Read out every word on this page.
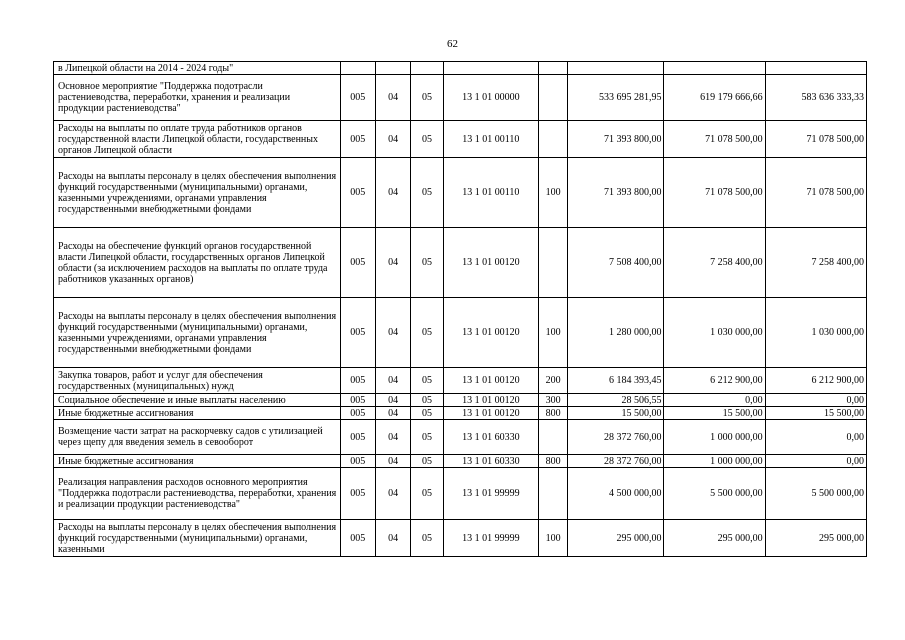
62
в Липецкой области на 2014 - 2024 годы"								
Основное мероприятие "Поддержка подотрасли растениеводства, переработки, хранения и реализации продукции растениеводства"	005	04	05	13 1 01 00000		533 695 281,95	619 179 666,66	583 636 333,33
Расходы на выплаты по оплате труда работников органов государственной власти Липецкой области, государственных органов Липецкой области	005	04	05	13 1 01 00110		71 393 800,00	71 078 500,00	71 078 500,00
Расходы на выплаты персоналу в целях обеспечения выполнения функций государственными (муниципальными) органами, казенными учреждениями, органами управления государственными внебюджетными фондами	005	04	05	13 1 01 00110	100	71 393 800,00	71 078 500,00	71 078 500,00
Расходы на обеспечение функций органов государственной власти Липецкой области, государственных органов Липецкой области (за исключением расходов на выплаты по оплате труда работников указанных органов)	005	04	05	13 1 01 00120		7 508 400,00	7 258 400,00	7 258 400,00
Расходы на выплаты персоналу в целях обеспечения выполнения функций государственными (муниципальными) органами, казенными учреждениями, органами управления государственными внебюджетными фондами	005	04	05	13 1 01 00120	100	1 280 000,00	1 030 000,00	1 030 000,00
Закупка товаров, работ и услуг для обеспечения государственных (муниципальных) нужд	005	04	05	13 1 01 00120	200	6 184 393,45	6 212 900,00	6 212 900,00
Социальное обеспечение и иные выплаты населению	005	04	05	13 1 01 00120	300	28 506,55	0,00	0,00
Иные бюджетные ассигнования	005	04	05	13 1 01 00120	800	15 500,00	15 500,00	15 500,00
Возмещение части затрат на раскорчевку садов с утилизацией через щепу для введения земель в севооборот	005	04	05	13 1 01 60330		28 372 760,00	1 000 000,00	0,00
Иные бюджетные ассигнования	005	04	05	13 1 01 60330	800	28 372 760,00	1 000 000,00	0,00
Реализация направления расходов основного мероприятия "Поддержка подотрасли растениеводства, переработки, хранения и реализации продукции растениеводства"	005	04	05	13 1 01 99999		4 500 000,00	5 500 000,00	5 500 000,00
Расходы на выплаты персоналу в целях обеспечения выполнения функций государственными (муниципальными) органами, казенными	005	04	05	13 1 01 99999	100	295 000,00	295 000,00	295 000,00
